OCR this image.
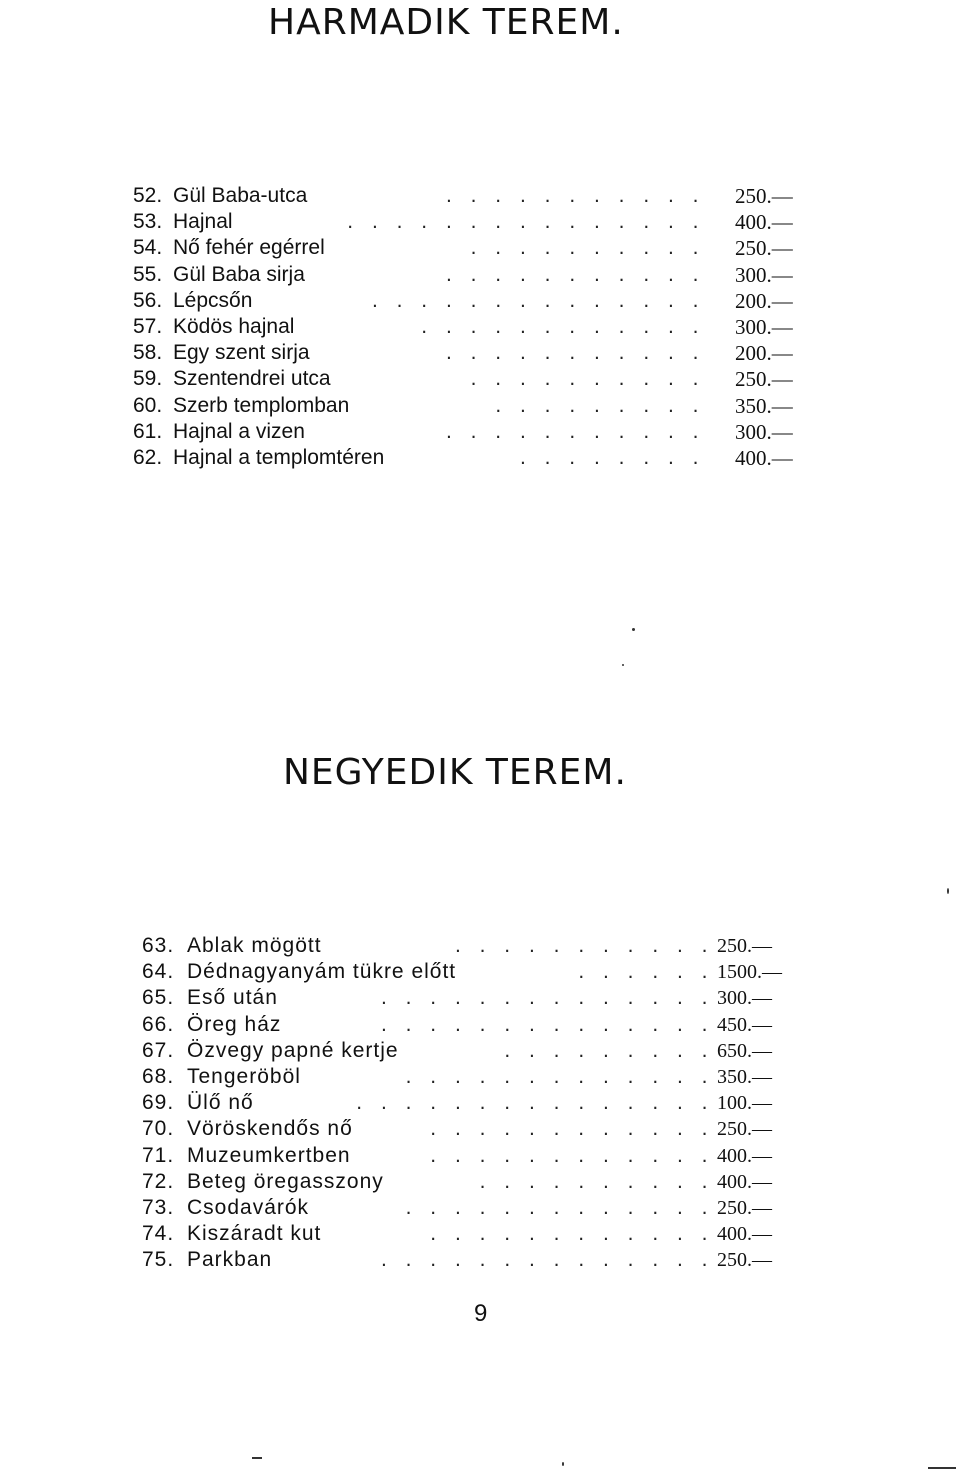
HARMADIK TEREM.
52. Gül Baba-utca	. . . . . . . . . . . 250.—
53. Hajnal	. . . . . . . . . . . . . . . 400.—
54. Nő fehér egérrel	. . . . . . . . . . 250.—
55. Gül Baba sirja	. . . . . . . . . . . 300.—
56. Lépcsőn	. . . . . . . . . . . . . . 200.—
57. Ködös hajnal	. . . . . . . . . . . . 300.—
58. Egy szent sirja	. . . . . . . . . . . 200.—
59. Szentendrei utca	. . . . . . . . . . 250.—
60. Szerb templomban	. . . . . . . . . 350.—
61. Hajnal a vizen	. . . . . . . . . . . 300.—
62. Hajnal a templomtéren	. . . . . . . . 400.—
NEGYEDIK TEREM.
63. Ablak mögött	. . . . . . . . . . . 250.—
64. Dédnagyanyám tükre előtt	. . . . . . 1500.—
65. Eső után	. . . . . . . . . . . . . . 300.—
66. Öreg ház	. . . . . . . . . . . . . . 450.—
67. Özvegy papné kertje	. . . . . . . . . 650.—
68. Tengeröböl	. . . . . . . . . . . . . 350.—
69. Ülő nő	. . . . . . . . . . . . . . . 100.—
70. Vöröskendős nő	. . . . . . . . . . . . 250.—
71. Muzeumkertben	. . . . . . . . . . . . 400.—
72. Beteg öregasszony	. . . . . . . . . . 400.—
73. Csodavárók	. . . . . . . . . . . . . 250.—
74. Kiszáradt kut	. . . . . . . . . . . . 400.—
75. Parkban	. . . . . . . . . . . . . . 250.—
9
